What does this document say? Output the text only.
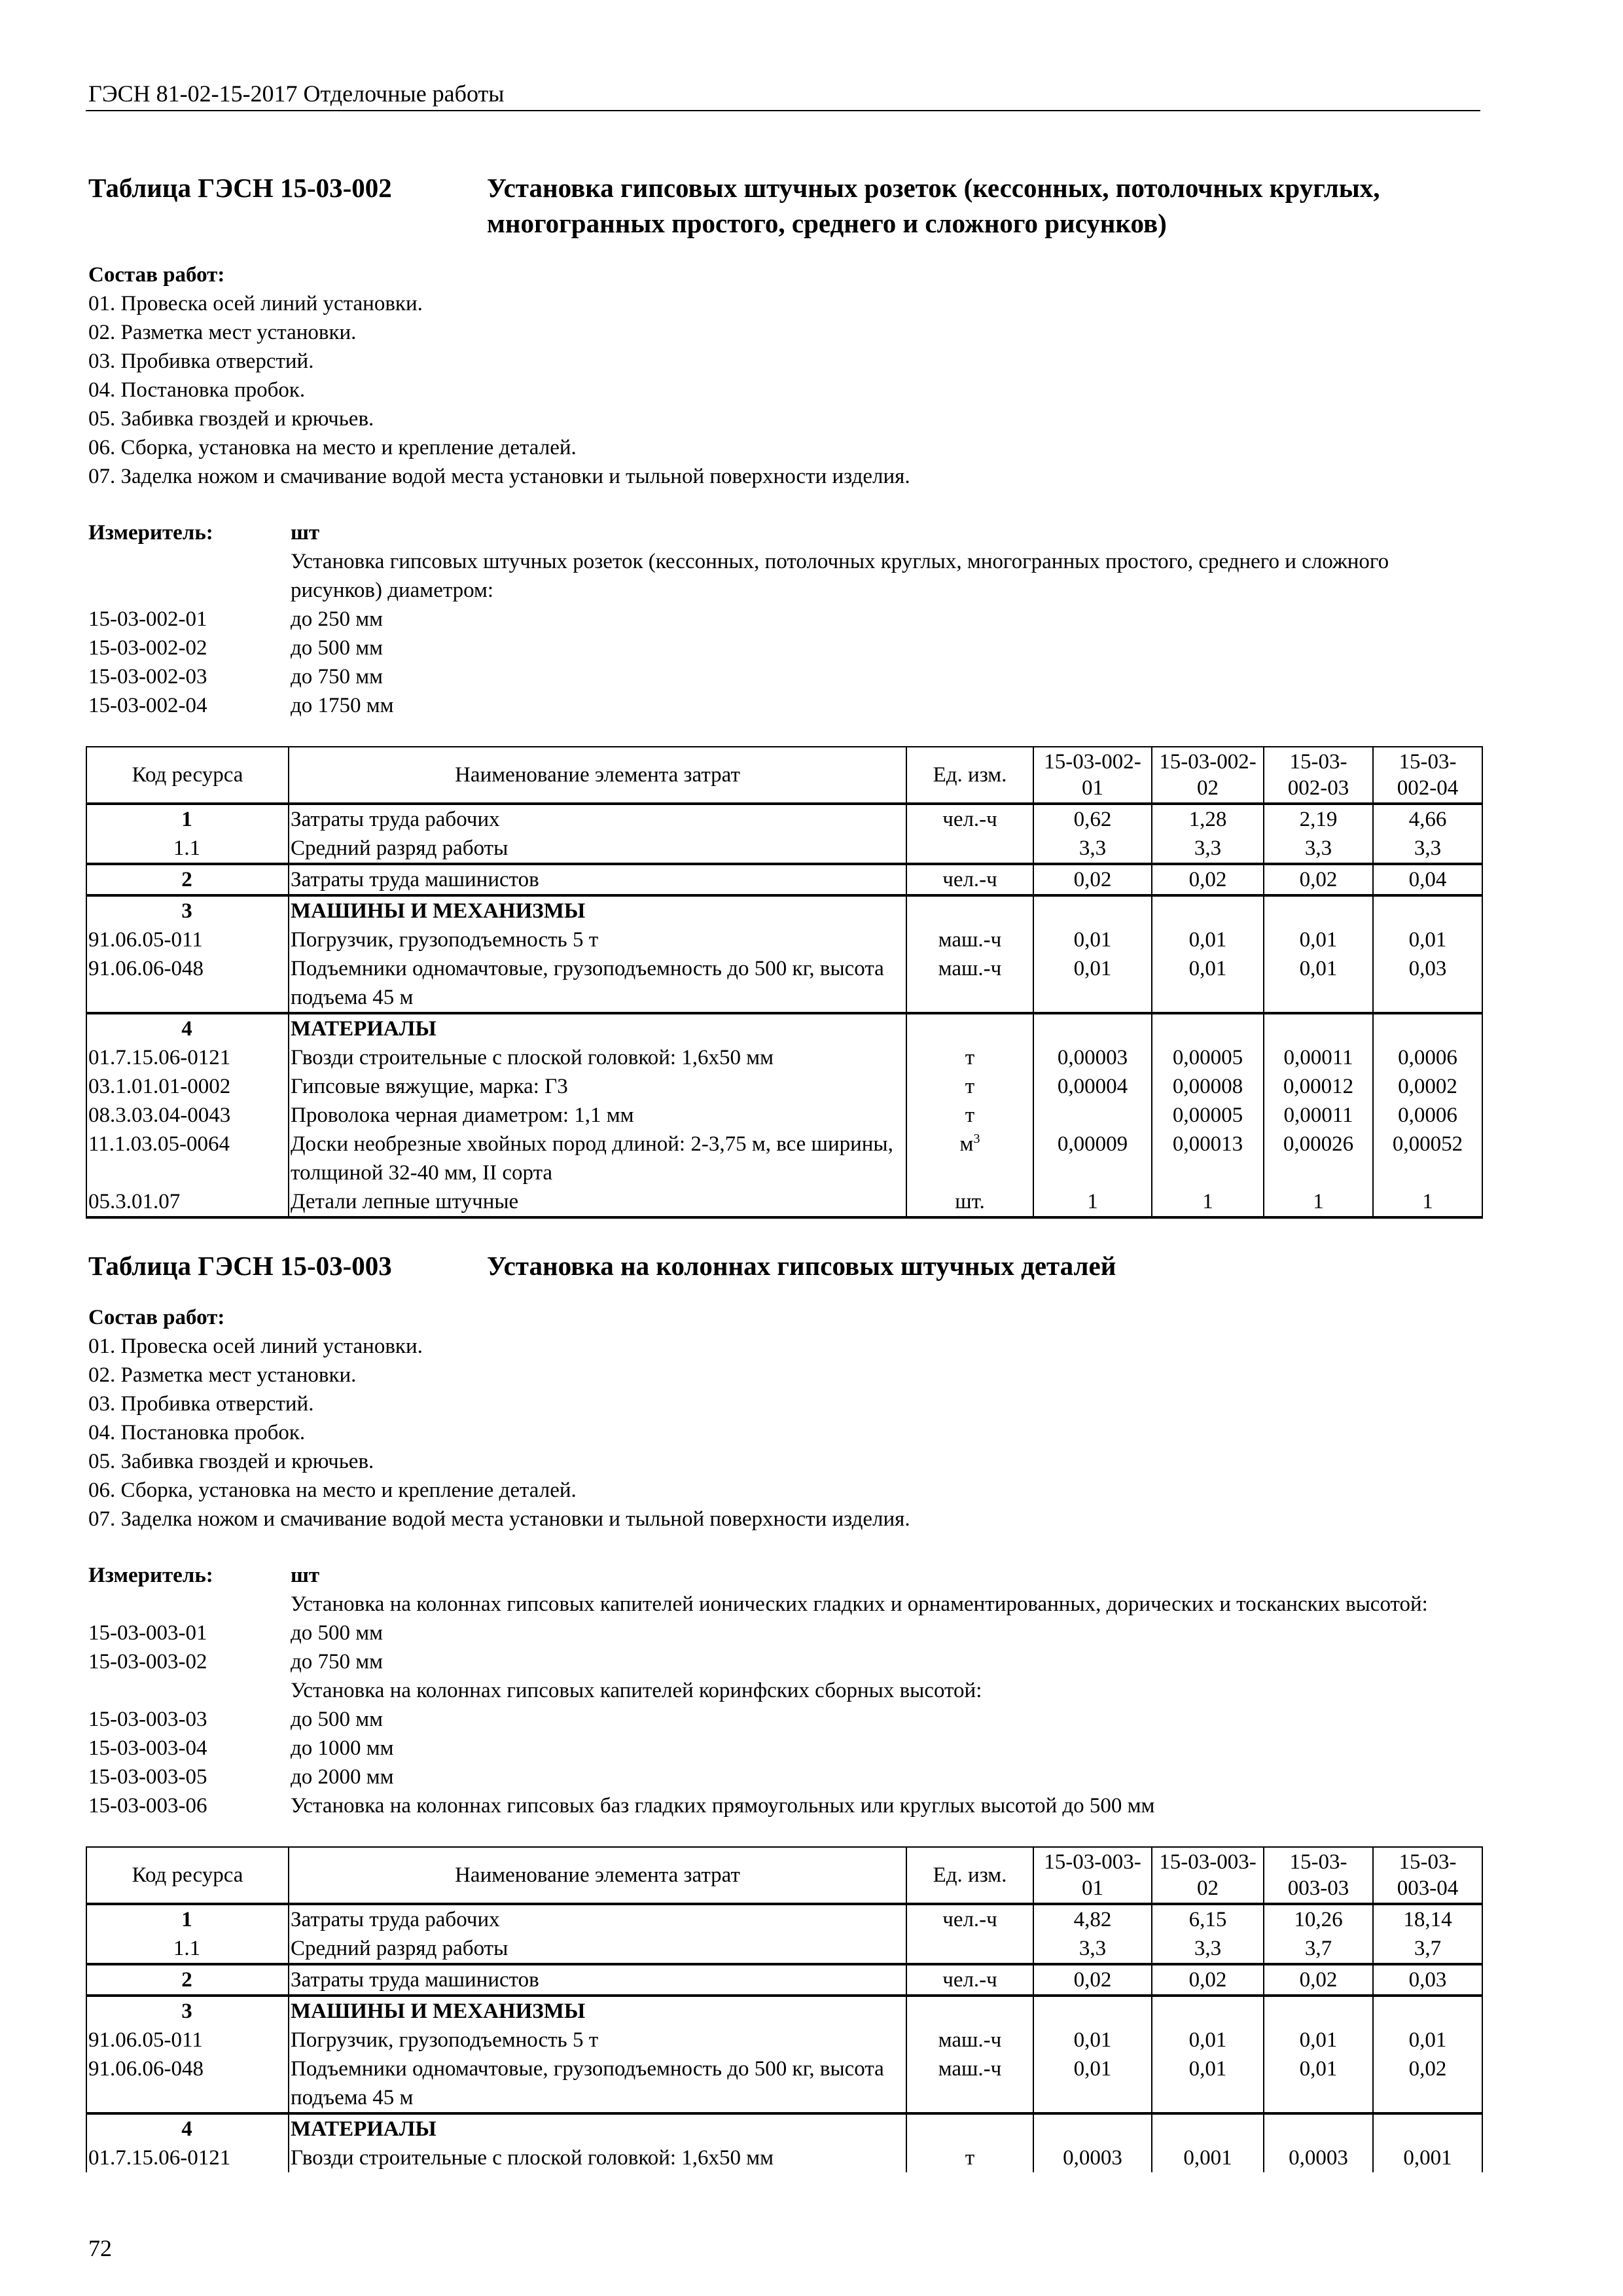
ГЭСН 81-02-15-2017 Отделочные работы
Таблица ГЭСН 15-03-002	Установка гипсовых штучных розеток (кессонных, потолочных круглых, многогранных простого, среднего и сложного рисунков)
Состав работ:
01. Провеска осей линий установки.
02. Разметка мест установки.
03. Пробивка отверстий.
04. Постановка пробок.
05. Забивка гвоздей и крючьев.
06. Сборка, установка на место и крепление деталей.
07. Заделка ножом и смачивание водой места установки и тыльной поверхности изделия.
Измеритель:	шт
Установка гипсовых штучных розеток (кессонных, потолочных круглых, многогранных простого, среднего и сложного рисунков) диаметром:
15-03-002-01	до 250 мм
15-03-002-02	до 500 мм
15-03-002-03	до 750 мм
15-03-002-04	до 1750 мм
Код ресурса	Наименование элемента затрат	Ед. изм.	15-03-002-01	15-03-002-02	15-03-002-03	15-03-002-04
1	Затраты труда рабочих	чел.-ч	0,62	1,28	2,19	4,66
1.1	Средний разряд работы		3,3	3,3	3,3	3,3
2	Затраты труда машинистов	чел.-ч	0,02	0,02	0,02	0,04
3	МАШИНЫ И МЕХАНИЗМЫ					
91.06.05-011	Погрузчик, грузоподъемность 5 т	маш.-ч	0,01	0,01	0,01	0,01
91.06.06-048	Подъемники одномачтовые, грузоподъемность до 500 кг, высота подъема 45 м	маш.-ч	0,01	0,01	0,01	0,03
4	МАТЕРИАЛЫ					
01.7.15.06-0121	Гвозди строительные с плоской головкой: 1,6х50 мм	т	0,00003	0,00005	0,00011	0,0006
03.1.01.01-0002	Гипсовые вяжущие, марка: Г3	т	0,00004	0,00008	0,00012	0,0002
08.3.03.04-0043	Проволока черная диаметром: 1,1 мм	т		0,00005	0,00011	0,0006
11.1.03.05-0064	Доски необрезные хвойных пород длиной: 2-3,75 м, все ширины, толщиной 32-40 мм, II сорта	$м^3$	0,00009	0,00013	0,00026	0,00052
05.3.01.07	Детали лепные штучные	шт.	1	1	1	1
Таблица ГЭСН 15-03-003	Установка на колоннах гипсовых штучных деталей
Состав работ:
01. Провеска осей линий установки.
02. Разметка мест установки.
03. Пробивка отверстий.
04. Постановка пробок.
05. Забивка гвоздей и крючьев.
06. Сборка, установка на место и крепление деталей.
07. Заделка ножом и смачивание водой места установки и тыльной поверхности изделия.
Измеритель:	шт
Установка на колоннах гипсовых капителей ионических гладких и орнаментированных, дорических и тосканских высотой:
15-03-003-01	до 500 мм
15-03-003-02	до 750 мм
Установка на колоннах гипсовых капителей коринфских сборных высотой:
15-03-003-03	до 500 мм
15-03-003-04	до 1000 мм
15-03-003-05	до 2000 мм
15-03-003-06	Установка на колоннах гипсовых баз гладких прямоугольных или круглых высотой до 500 мм
Код ресурса	Наименование элемента затрат	Ед. изм.	15-03-003-01	15-03-003-02	15-03-003-03	15-03-003-04
1	Затраты труда рабочих	чел.-ч	4,82	6,15	10,26	18,14
1.1	Средний разряд работы		3,3	3,3	3,7	3,7
2	Затраты труда машинистов	чел.-ч	0,02	0,02	0,02	0,03
3	МАШИНЫ И МЕХАНИЗМЫ					
91.06.05-011	Погрузчик, грузоподъемность 5 т	маш.-ч	0,01	0,01	0,01	0,01
91.06.06-048	Подъемники одномачтовые, грузоподъемность до 500 кг, высота подъема 45 м	маш.-ч	0,01	0,01	0,01	0,02
4	МАТЕРИАЛЫ					
01.7.15.06-0121	Гвозди строительные с плоской головкой: 1,6х50 мм	т	0,0003	0,001	0,0003	0,001
72
